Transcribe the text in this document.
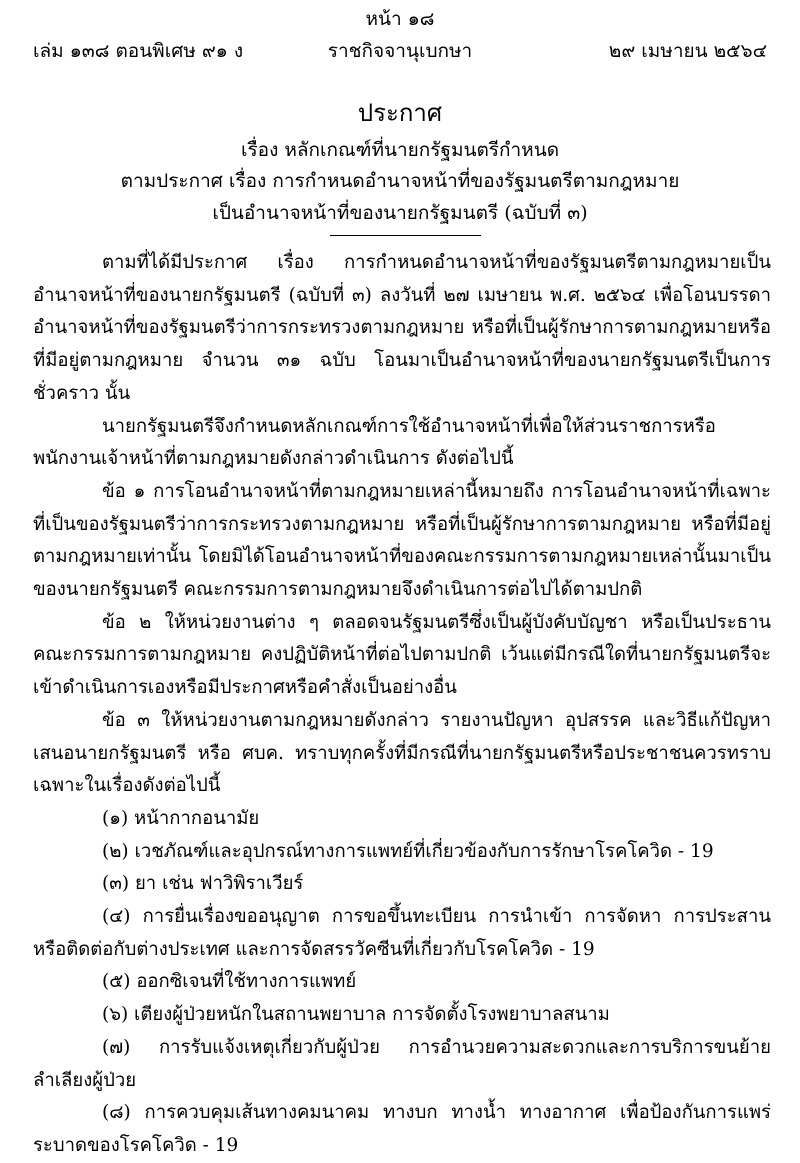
หน้า ๑๘
เล่ม ๑๓๘ ตอนพิเศษ ๙๑ ง	ราชกิจจานุเบกษา	๒๙ เมษายน ๒๕๖๔
ประกาศ
เรื่อง หลักเกณฑ์ที่นายกรัฐมนตรีกำหนด
ตามประกาศ เรื่อง การกำหนดอำนาจหน้าที่ของรัฐมนตรีตามกฎหมาย
เป็นอำนาจหน้าที่ของนายกรัฐมนตรี (ฉบับที่ ๓)

ตามที่ได้มีประกาศ เรื่อง การกำหนดอำนาจหน้าที่ของรัฐมนตรีตามกฎหมายเป็นอำนาจหน้าที่ของนายกรัฐมนตรี (ฉบับที่ ๓) ลงวันที่ ๒๗ เมษายน พ.ศ. ๒๕๖๔ เพื่อโอนบรรดาอำนาจหน้าที่ของรัฐมนตรีว่าการกระทรวงตามกฎหมาย หรือที่เป็นผู้รักษาการตามกฎหมายหรือที่มีอยู่ตามกฎหมาย จำนวน ๓๑ ฉบับ โอนมาเป็นอำนาจหน้าที่ของนายกรัฐมนตรีเป็นการชั่วคราว นั้น

นายกรัฐมนตรีจึงกำหนดหลักเกณฑ์การใช้อำนาจหน้าที่เพื่อให้ส่วนราชการหรือพนักงานเจ้าหน้าที่ตามกฎหมายดังกล่าวดำเนินการ ดังต่อไปนี้

ข้อ ๑ การโอนอำนาจหน้าที่ตามกฎหมายเหล่านี้หมายถึง การโอนอำนาจหน้าที่เฉพาะที่เป็นของรัฐมนตรีว่าการกระทรวงตามกฎหมาย หรือที่เป็นผู้รักษาการตามกฎหมาย หรือที่มีอยู่ตามกฎหมายเท่านั้น โดยมิได้โอนอำนาจหน้าที่ของคณะกรรมการตามกฎหมายเหล่านั้นมาเป็นของนายกรัฐมนตรี คณะกรรมการตามกฎหมายจึงดำเนินการต่อไปได้ตามปกติ

ข้อ ๒ ให้หน่วยงานต่าง ๆ ตลอดจนรัฐมนตรีซึ่งเป็นผู้บังคับบัญชา หรือเป็นประธานคณะกรรมการตามกฎหมาย คงปฏิบัติหน้าที่ต่อไปตามปกติ เว้นแต่มีกรณีใดที่นายกรัฐมนตรีจะเข้าดำเนินการเองหรือมีประกาศหรือคำสั่งเป็นอย่างอื่น

ข้อ ๓ ให้หน่วยงานตามกฎหมายดังกล่าว รายงานปัญหา อุปสรรค และวิธีแก้ปัญหาเสนอนายกรัฐมนตรี หรือ ศบค. ทราบทุกครั้งที่มีกรณีที่นายกรัฐมนตรีหรือประชาชนควรทราบเฉพาะในเรื่องดังต่อไปนี้

(๑) หน้ากากอนามัย

(๒) เวชภัณฑ์และอุปกรณ์ทางการแพทย์ที่เกี่ยวข้องกับการรักษาโรคโควิด - 19

(๓) ยา เช่น ฟาวิพิราเวียร์

(๔) การยื่นเรื่องขออนุญาต การขอขึ้นทะเบียน การนำเข้า การจัดหา การประสานหรือติดต่อกับต่างประเทศ และการจัดสรรวัคซีนที่เกี่ยวกับโรคโควิด - 19

(๕) ออกซิเจนที่ใช้ทางการแพทย์

(๖) เตียงผู้ป่วยหนักในสถานพยาบาล การจัดตั้งโรงพยาบาลสนาม

(๗) การรับแจ้งเหตุเกี่ยวกับผู้ป่วย การอำนวยความสะดวกและการบริการขนย้ายลำเลียงผู้ป่วย

(๘) การควบคุมเส้นทางคมนาคม ทางบก ทางน้ำ ทางอากาศ เพื่อป้องกันการแพร่ระบาดของโรคโควิด - 19
